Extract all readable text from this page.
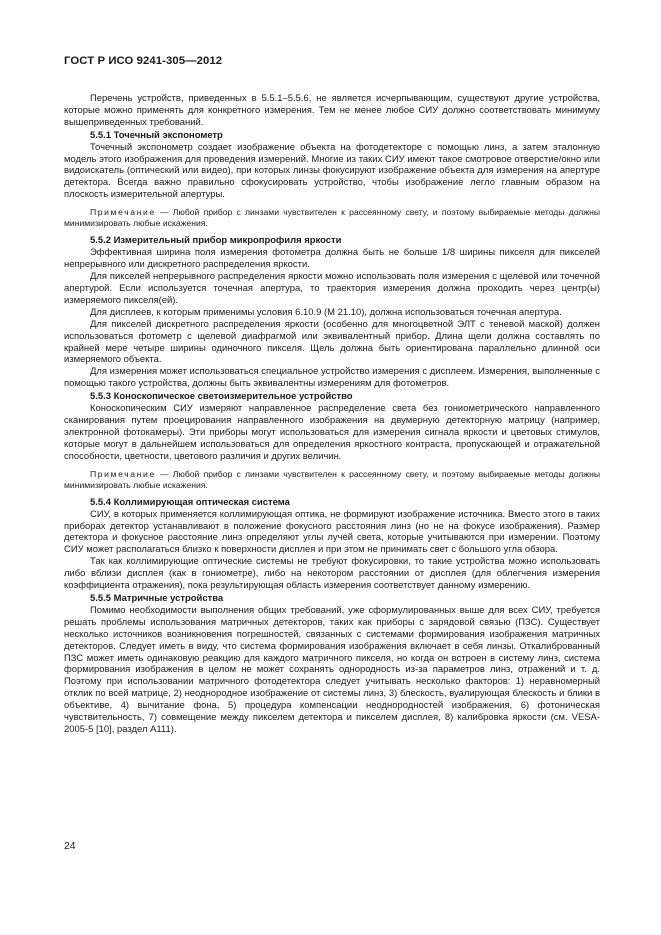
ГОСТ Р ИСО 9241-305—2012

Перечень устройств, приведенных в 5.5.1–5.5.6, не является исчерпывающим, существуют другие устройства, которые можно применять для конкретного измерения. Тем не менее любое СИУ должно соответствовать минимуму вышеприведенных требований.

5.5.1 Точечный экспонометр

Точечный экспонометр создает изображение объекта на фотодетекторе с помощью линз, а затем эталонную модель этого изображения для проведения измерений. Многие из таких СИУ имеют такое смотровое отверстие/окно или видоискатель (оптический или видео), при которых линзы фокусируют изображение объекта для измерения на апертуре детектора. Всегда важно правильно сфокусировать устройство, чтобы изображение легло главным образом на плоскость измерительной апертуры.

Примечание — Любой прибор с линзами чувствителен к рассеянному свету, и поэтому выбираемые методы должны минимизировать любые искажения.

5.5.2 Измерительный прибор микропрофиля яркости

Эффективная ширина поля измерения фотометра должна быть не больше 1/8 ширины пикселя для пикселей непрерывного или дискретного распределения яркости.

Для пикселей непрерывного распределения яркости можно использовать поля измерения с щелевой или точечной апертурой. Если используется точечная апертура, то траектория измерения должна проходить через центр(ы) измеряемого пикселя(ей).

Для дисплеев, к которым применимы условия 6.10.9 (M 21.10), должна использоваться точечная апертура.

Для пикселей дискретного распределения яркости (особенно для многоцветной ЭЛТ с теневой маской) должен использоваться фотометр с щелевой диафрагмой или эквивалентный прибор. Длина щели должна составлять по крайней мере четыре ширины одиночного пикселя. Щель должна быть ориентирована параллельно длинной оси измеряемого объекта.

Для измерения может использоваться специальное устройство измерения с дисплеем. Измерения, выполненные с помощью такого устройства, должны быть эквивалентны измерениям для фотометров.

5.5.3 Коноскопическое светоизмерительное устройство

Коноскопическим СИУ измеряют направленное распределение света без гониометрического направленного сканирования путем проецирования направленного изображения на двумерную детекторную матрицу (например, электронной фотокамеры). Эти приборы могут использоваться для измерения сигнала яркости и цветовых стимулов, которые могут в дальнейшем использоваться для определения яркостного контраста, пропускающей и отражательной способности, цветности, цветового различия и других величин.

Примечание — Любой прибор с линзами чувствителен к рассеянному свету, и поэтому выбираемые методы должны минимизировать любые искажения.

5.5.4 Коллимирующая оптическая система

СИУ, в которых применяется коллимирующая оптика, не формируют изображение источника. Вместо этого в таких приборах детектор устанавливают в положение фокусного расстояния линз (но не на фокусе изображения). Размер детектора и фокусное расстояние линз определяют углы лучей света, которые учитываются при измерении. Поэтому СИУ может располагаться близко к поверхности дисплея и при этом не принимать свет с большого угла обзора.

Так как коллимирующие оптические системы не требуют фокусировки, то такие устройства можно использовать либо вблизи дисплея (как в гониометре), либо на некотором расстоянии от дисплея (для облегчения измерения коэффициента отражения), пока результирующая область измерения соответствует данному измерению.

5.5.5 Матричные устройства

Помимо необходимости выполнения общих требований, уже сформулированных выше для всех СИУ, требуется решать проблемы использования матричных детекторов, таких как приборы с зарядовой связью (ПЗС). Существует несколько источников возникновения погрешностей, связанных с системами формирования изображения матричных детекторов. Следует иметь в виду, что система формирования изображения включает в себя линзы. Откалиброванный ПЗС может иметь одинаковую реакцию для каждого матричного пикселя, но когда он встроен в систему линз, система формирования изображения в целом не может сохранять однородность из-за параметров линз, отражений и т. д. Поэтому при использовании матричного фотодетектора следует учитывать несколько факторов: 1) неравномерный отклик по всей матрице, 2) неоднородное изображение от системы линз, 3) блескость, вуалирующая блескость и блики в объективе, 4) вычитание фона, 5) процедура компенсации неоднородностей изображения, 6) фотоническая чувствительность, 7) совмещение между пикселем детектора и пикселем дисплея, 8) калибровка яркости (см. VESA-2005-5 [10], раздел A111).

24
